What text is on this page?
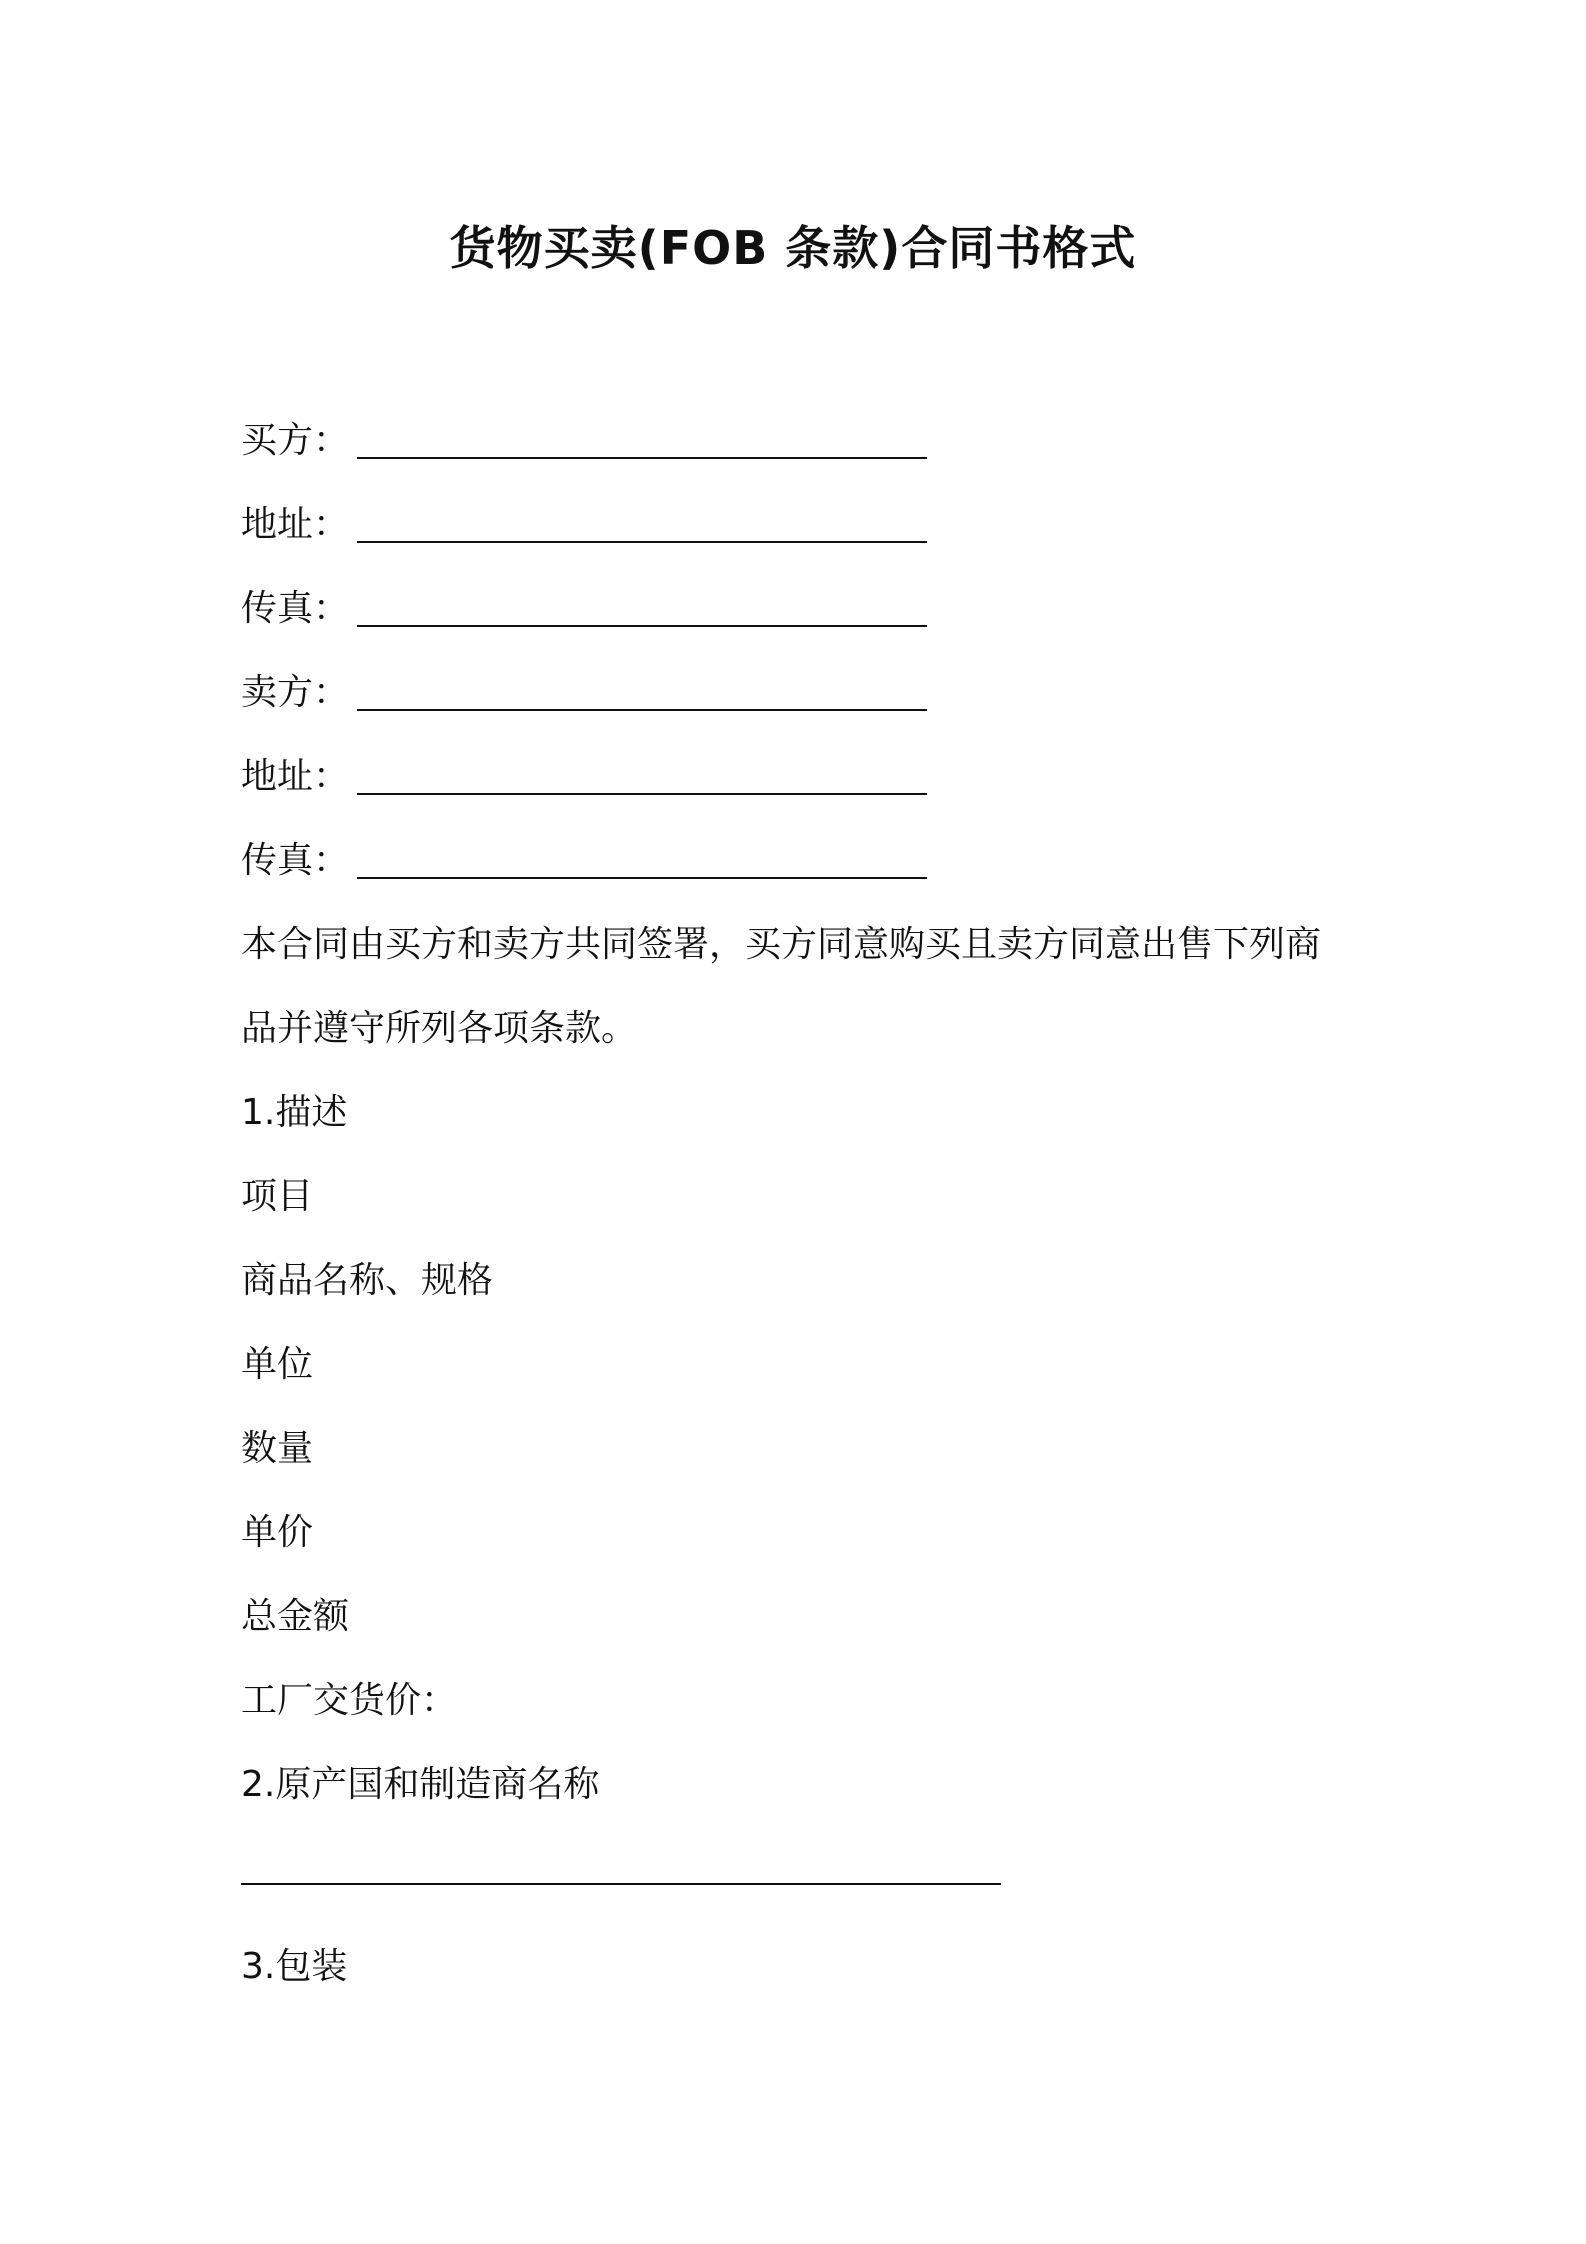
货物买卖(FOB 条款)合同书格式
买方：
地址：
传真：
卖方：
地址：
传真：
本合同由买方和卖方共同签署，买方同意购买且卖方同意出售下列商
品并遵守所列各项条款。
1.描述
项目
商品名称、规格
单位
数量
单价
总金额
工厂交货价：
2.原产国和制造商名称
3.包装
